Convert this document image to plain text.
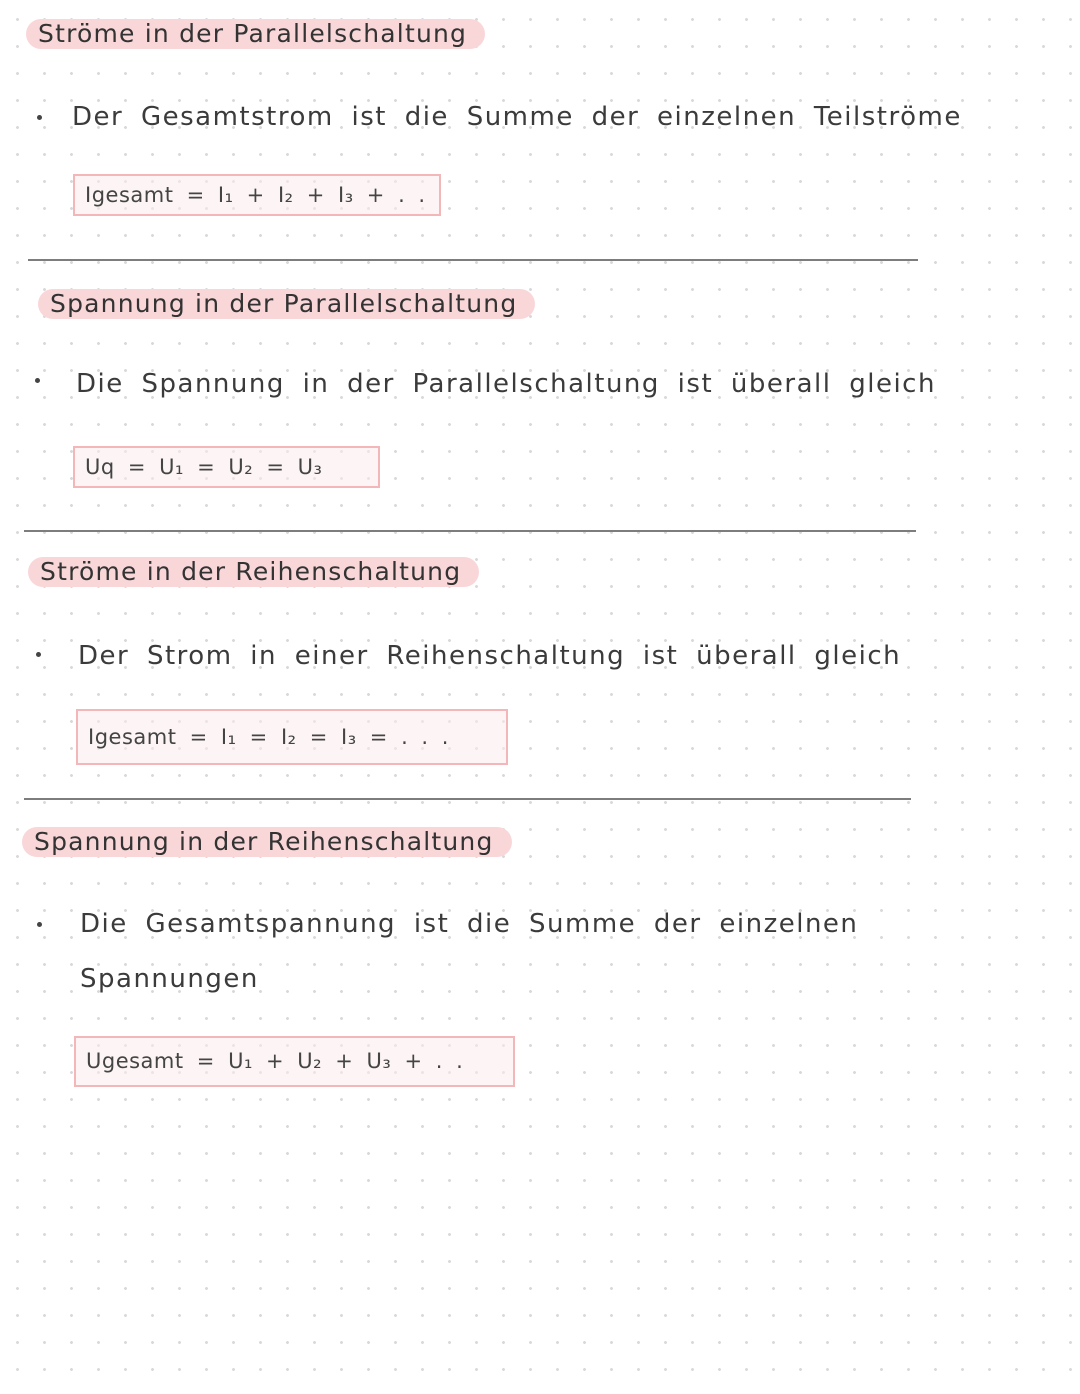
Ströme in der Parallelschaltung
Der Gesamtstrom ist die Summe der einzelnen Teilströme
Igesamt = I₁ + I₂ + I₃ + . .
Spannung in der Parallelschaltung
Die Spannung in der Parallelschaltung ist überall gleich
Uq = U₁ = U₂ = U₃
Ströme in der Reihenschaltung
Der Strom in einer Reihenschaltung ist überall gleich
Igesamt = I₁ = I₂ = I₃ = . . .
Spannung in der Reihenschaltung
Die Gesamtspannung ist die Summe der einzelnen
Spannungen
Ugesamt = U₁ + U₂ + U₃ + . .
